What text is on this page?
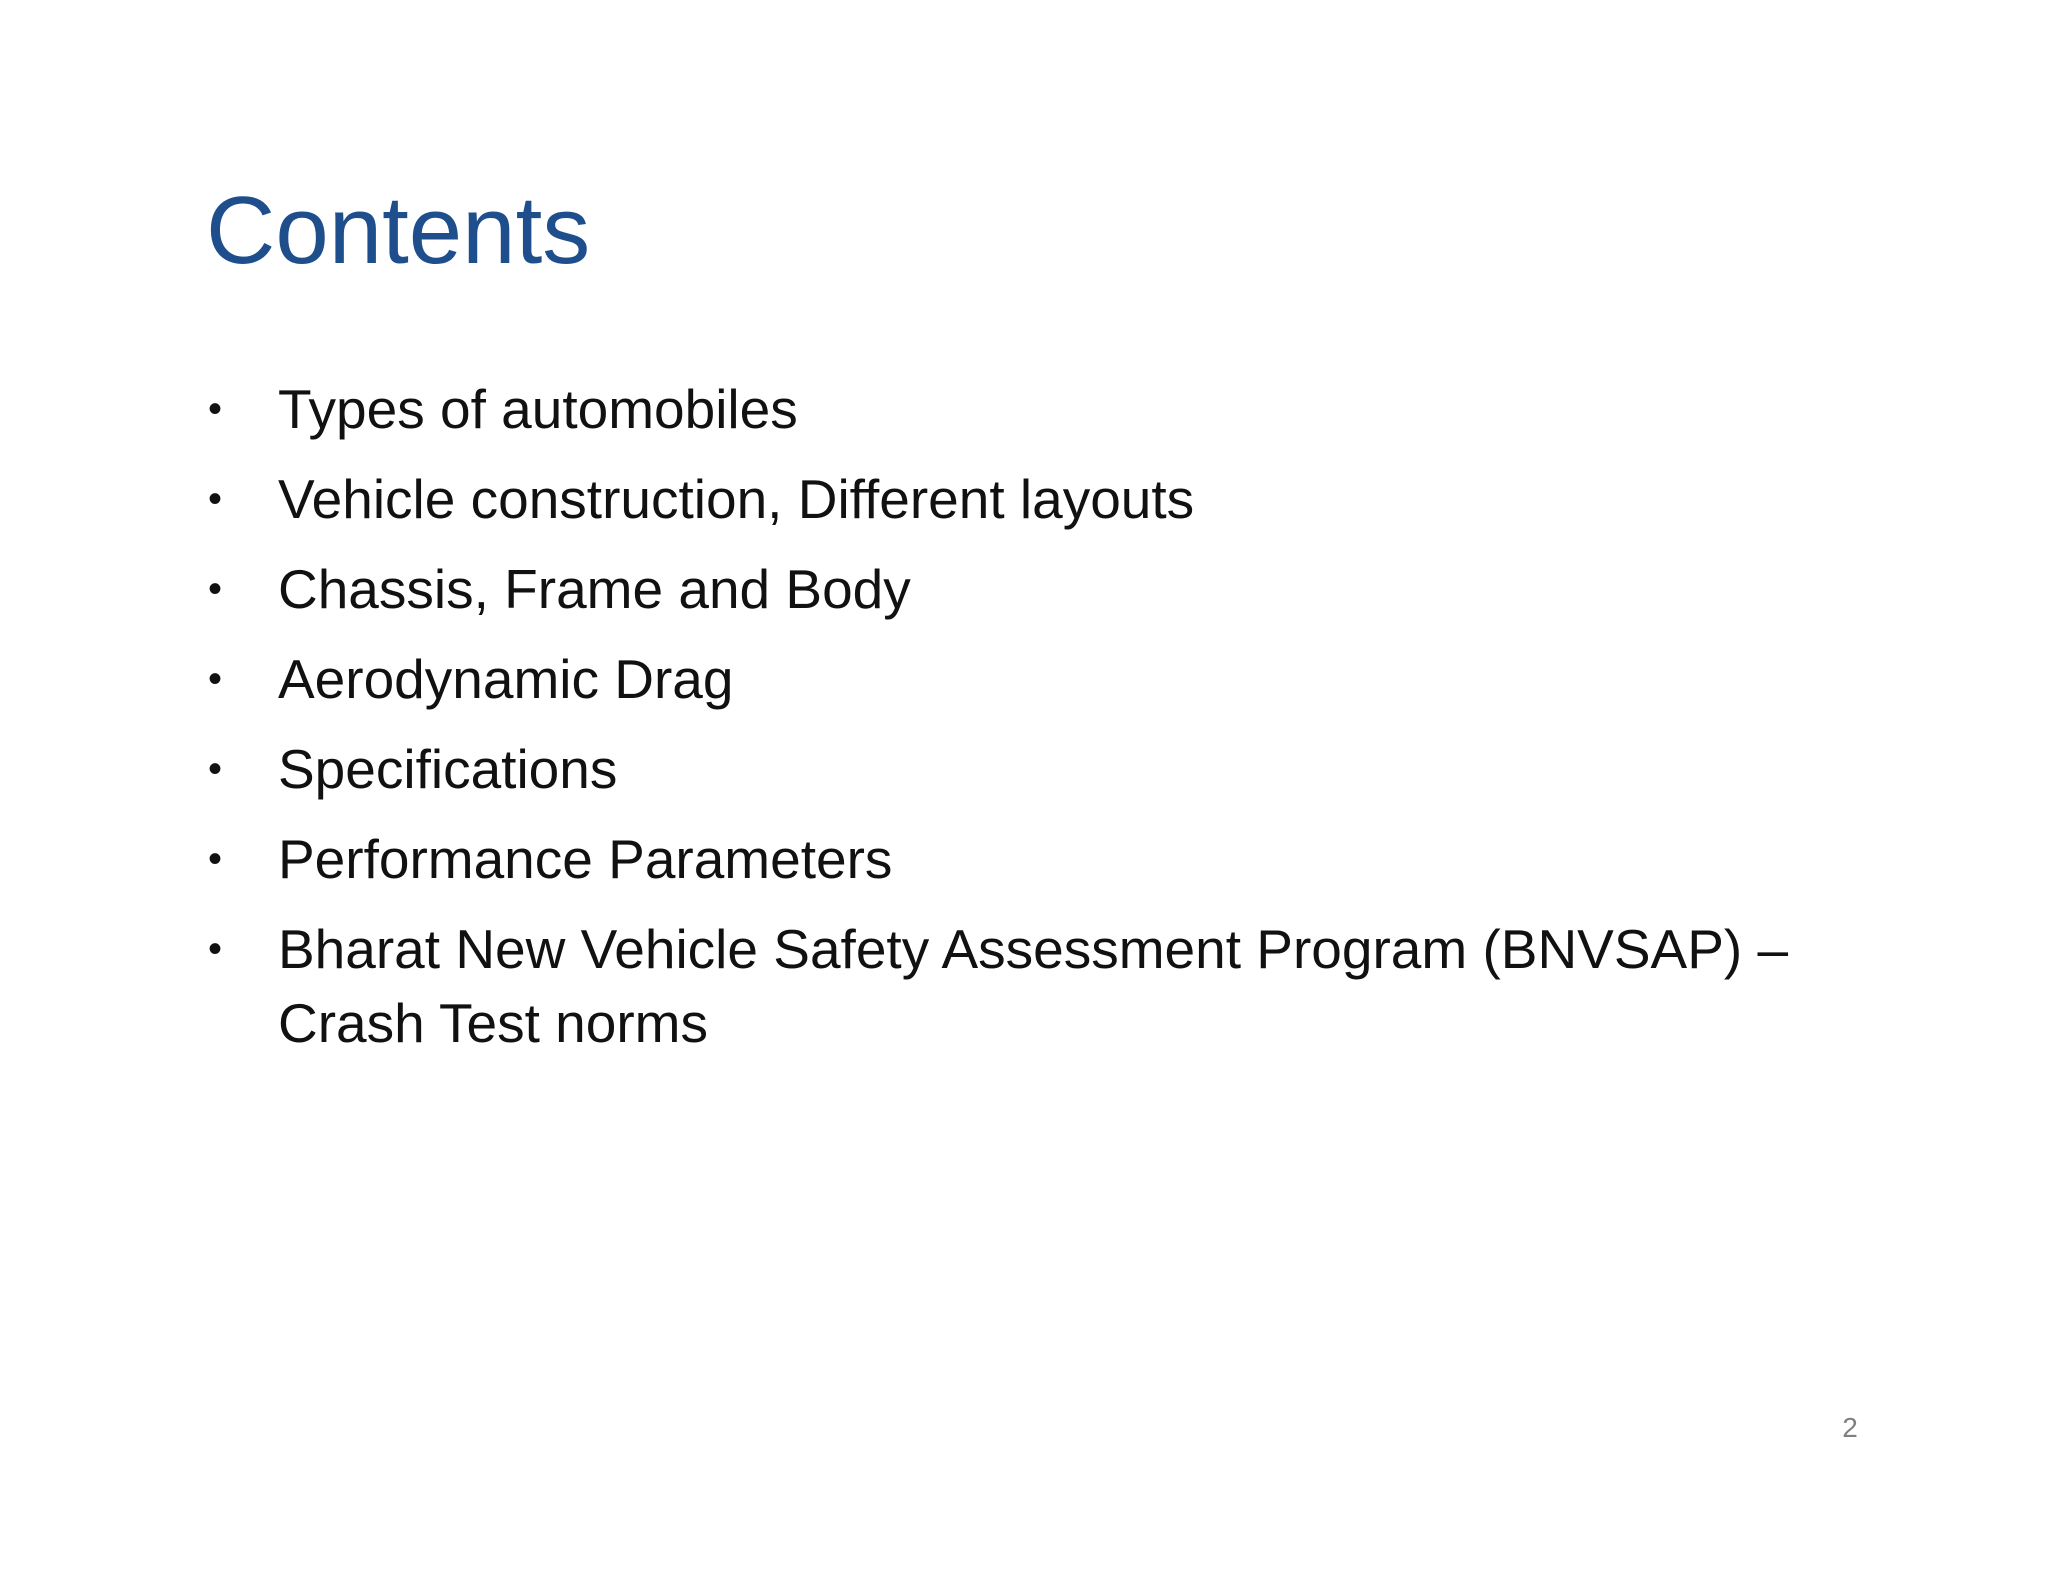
Contents
•	Types of automobiles
•	Vehicle construction, Different layouts
•	Chassis, Frame and Body
•	Aerodynamic Drag
•	Specifications
•	Performance Parameters
•	Bharat New Vehicle Safety Assessment Program (BNVSAP) – Crash Test norms
2
